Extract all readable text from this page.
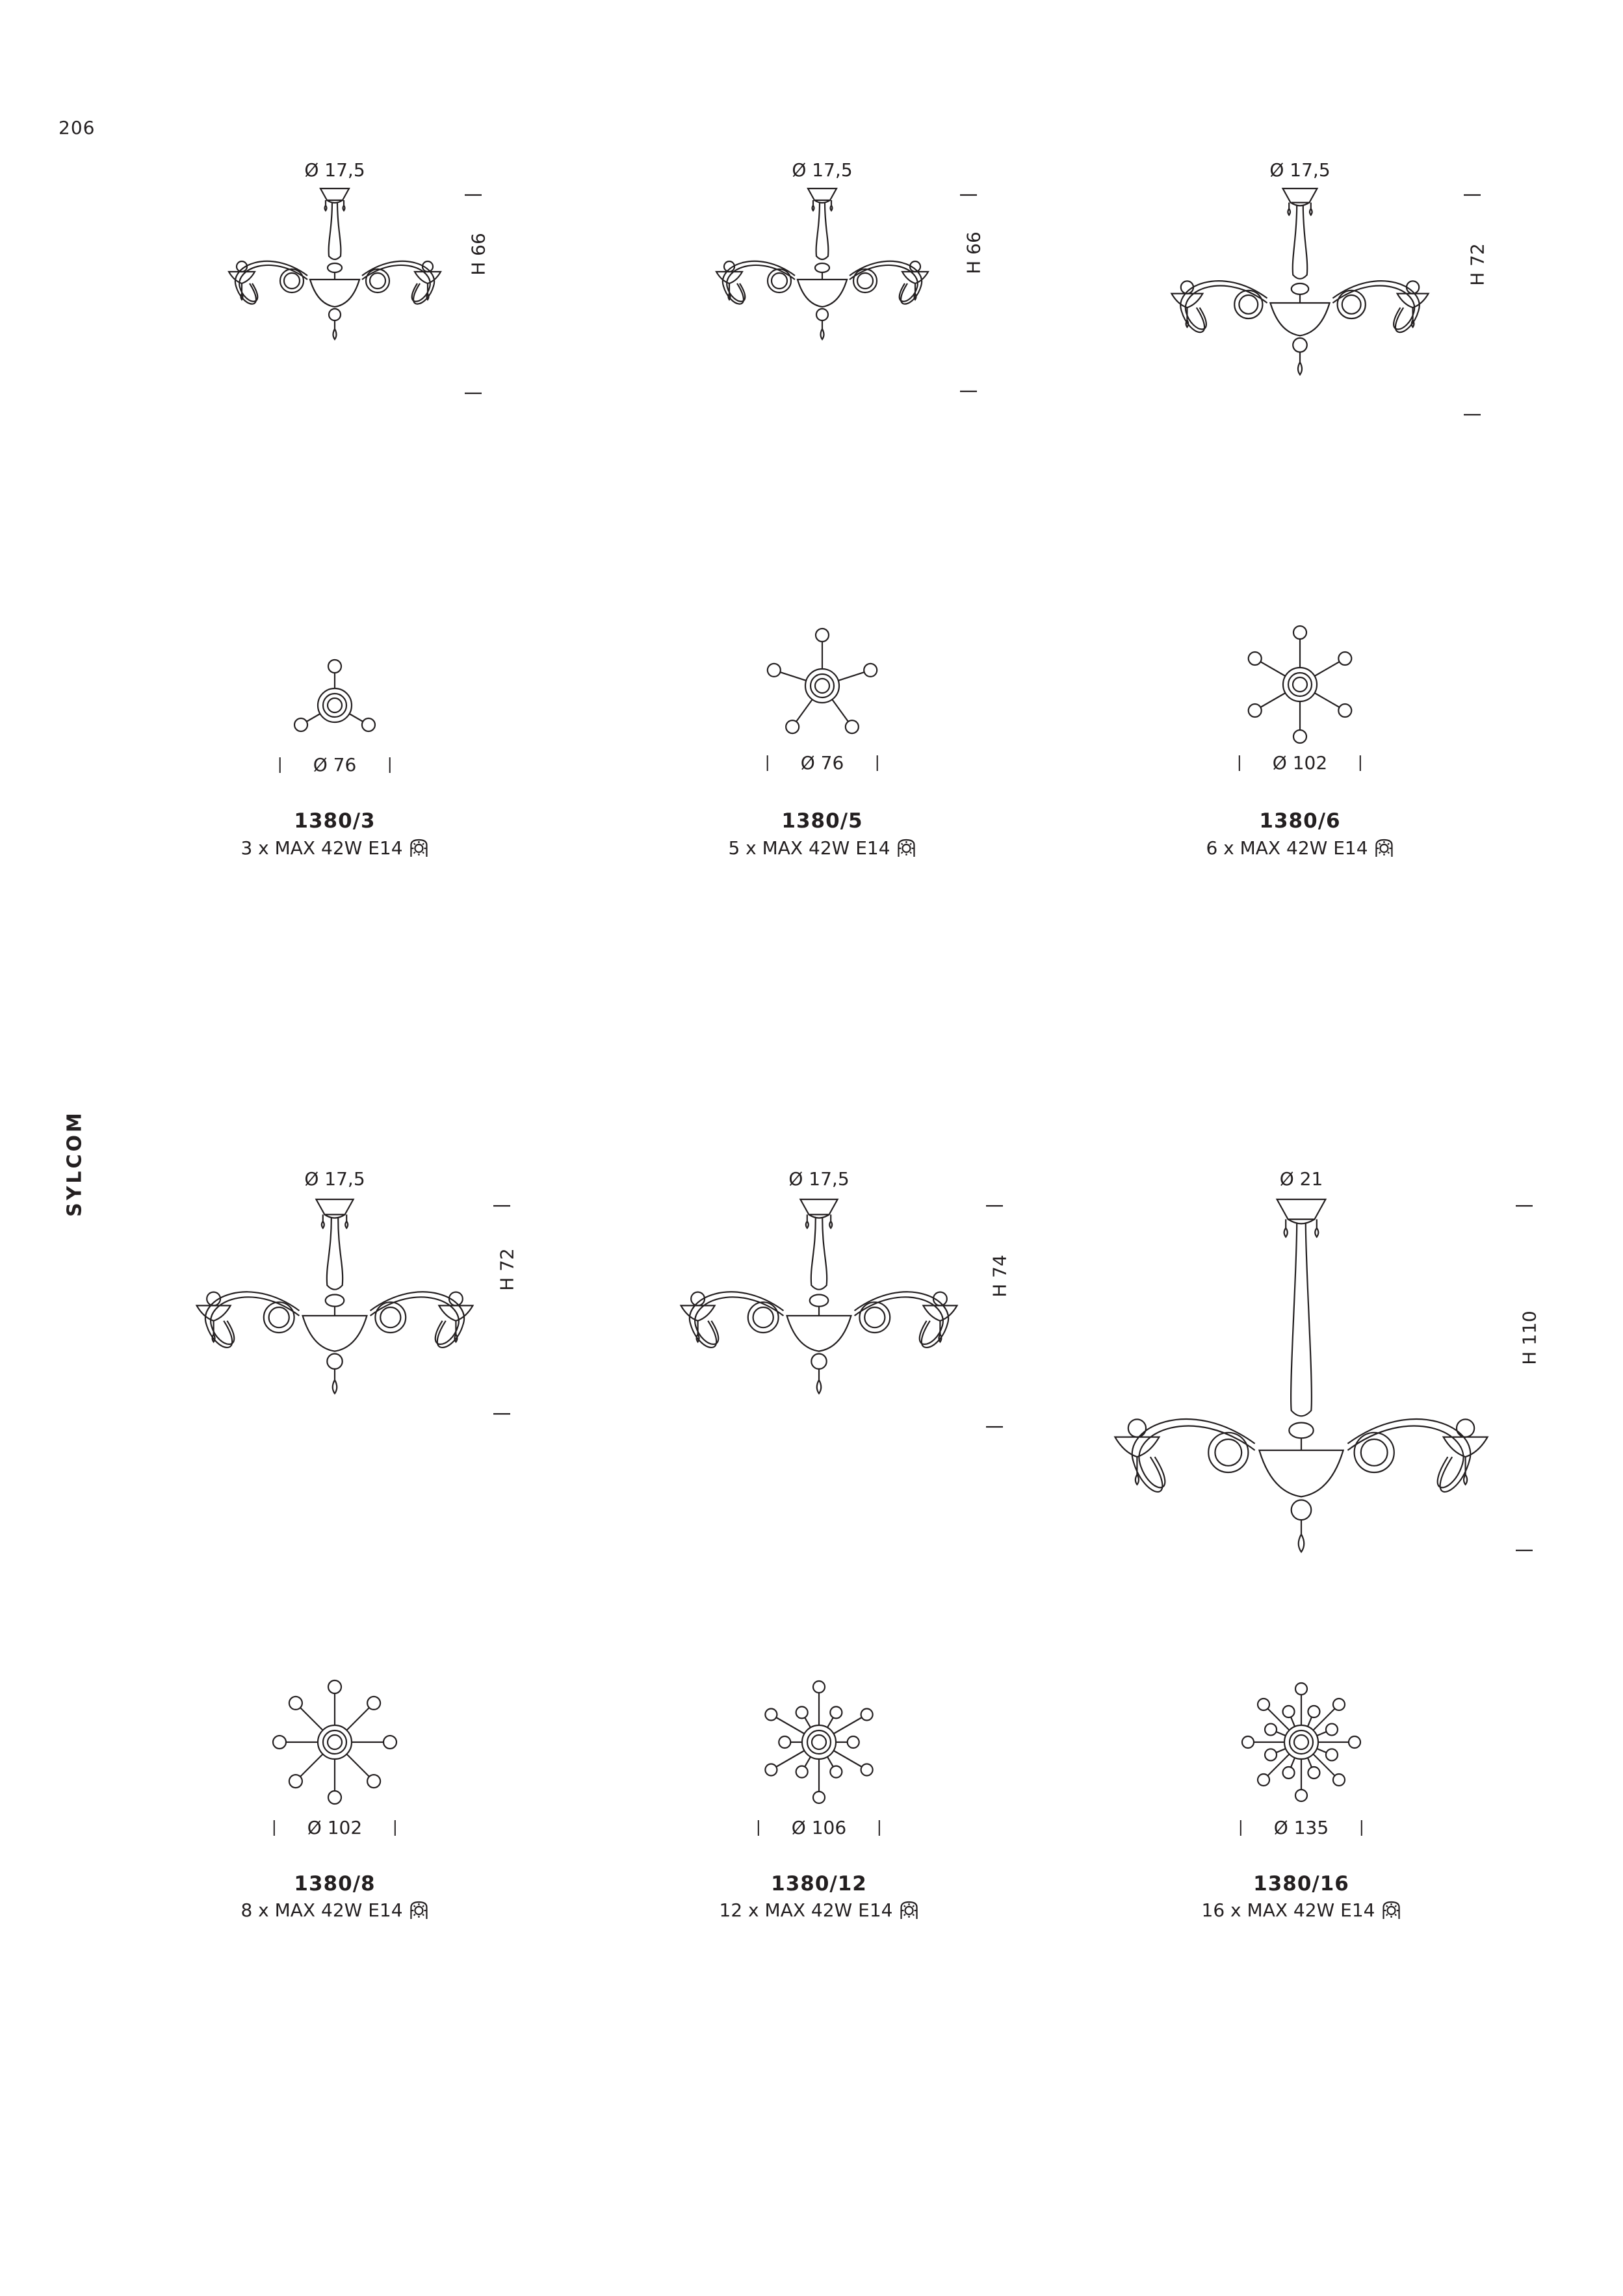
206
SYLCOM
Ø 17,5
H 66
Ø 76
1380/3
3 x MAX 42W E14
Ø 17,5
H 66
Ø 76
1380/5
5 x MAX 42W E14
Ø 17,5
H 72
Ø 102
1380/6
6 x MAX 42W E14
Ø 17,5
H 72
Ø 102
1380/8
8 x MAX 42W E14
Ø 17,5
H 74
Ø 106
1380/12
12 x MAX 42W E14
Ø 21
H 110
Ø 135
1380/16
16 x MAX 42W E14
